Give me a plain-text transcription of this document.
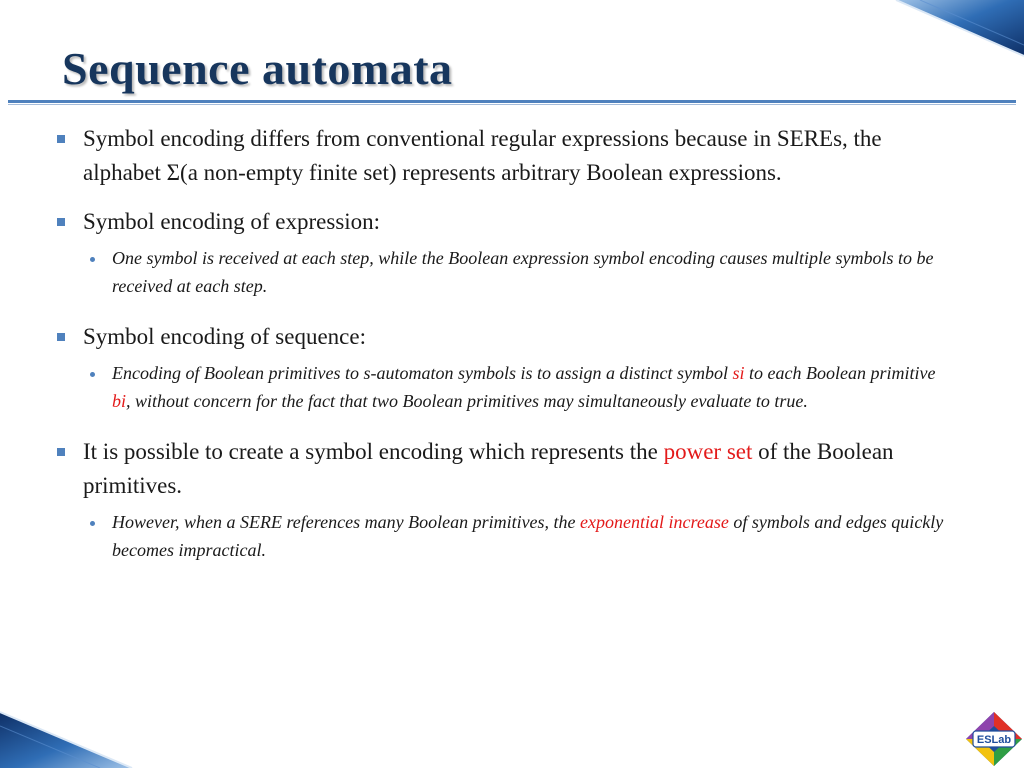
Sequence automata
Symbol encoding differs from conventional regular expressions because in SEREs, the alphabet Σ(a non-empty finite set) represents arbitrary Boolean expressions.
Symbol encoding of expression:
One symbol is received at each step, while the Boolean expression symbol encoding causes multiple symbols to be received at each step.
Symbol encoding of sequence:
Encoding of Boolean primitives to s-automaton symbols is to assign a distinct symbol si to each Boolean primitive bi, without concern for the fact that two Boolean primitives may simultaneously evaluate to true.
It is possible to create a symbol encoding which represents the power set of the Boolean primitives.
However, when a SERE references many Boolean primitives, the exponential increase of symbols and edges quickly becomes impractical.
ESLab
